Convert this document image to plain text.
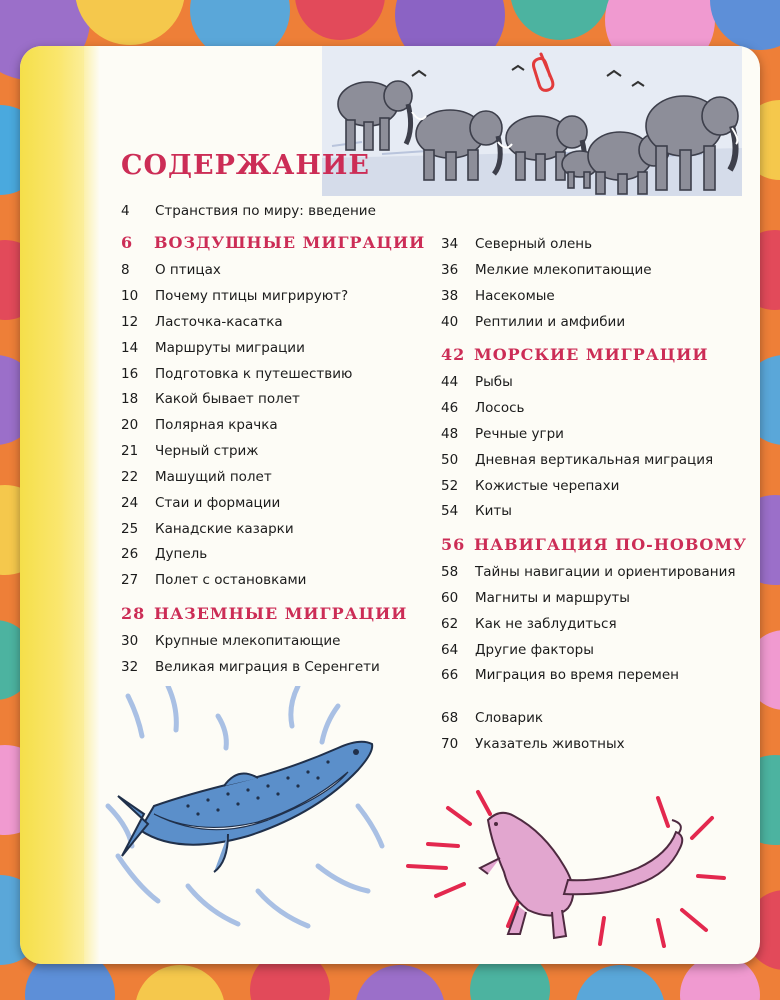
СОДЕРЖАНИЕ
4 Странствия по миру: введение
6 ВОЗДУШНЫЕ МИГРАЦИИ
8 О птицах
10 Почему птицы мигрируют?
12 Ласточка-касатка
14 Маршруты миграции
16 Подготовка к путешествию
18 Какой бывает полет
20 Полярная крачка
21 Черный стриж
22 Машущий полет
24 Стаи и формации
25 Канадские казарки
26 Дупель
27 Полет с остановками
28 НАЗЕМНЫЕ МИГРАЦИИ
30 Крупные млекопитающие
32 Великая миграция в Серенгети
34 Северный олень
36 Мелкие млекопитающие
38 Насекомые
40 Рептилии и амфибии
42 МОРСКИЕ МИГРАЦИИ
44 Рыбы
46 Лосось
48 Речные угри
50 Дневная вертикальная миграция
52 Кожистые черепахи
54 Киты
56 НАВИГАЦИЯ ПО-НОВОМУ
58 Тайны навигации и ориентирования
60 Магниты и маршруты
62 Как не заблудиться
64 Другие факторы
66 Миграция во время перемен
68 Словарик
70 Указатель животных
